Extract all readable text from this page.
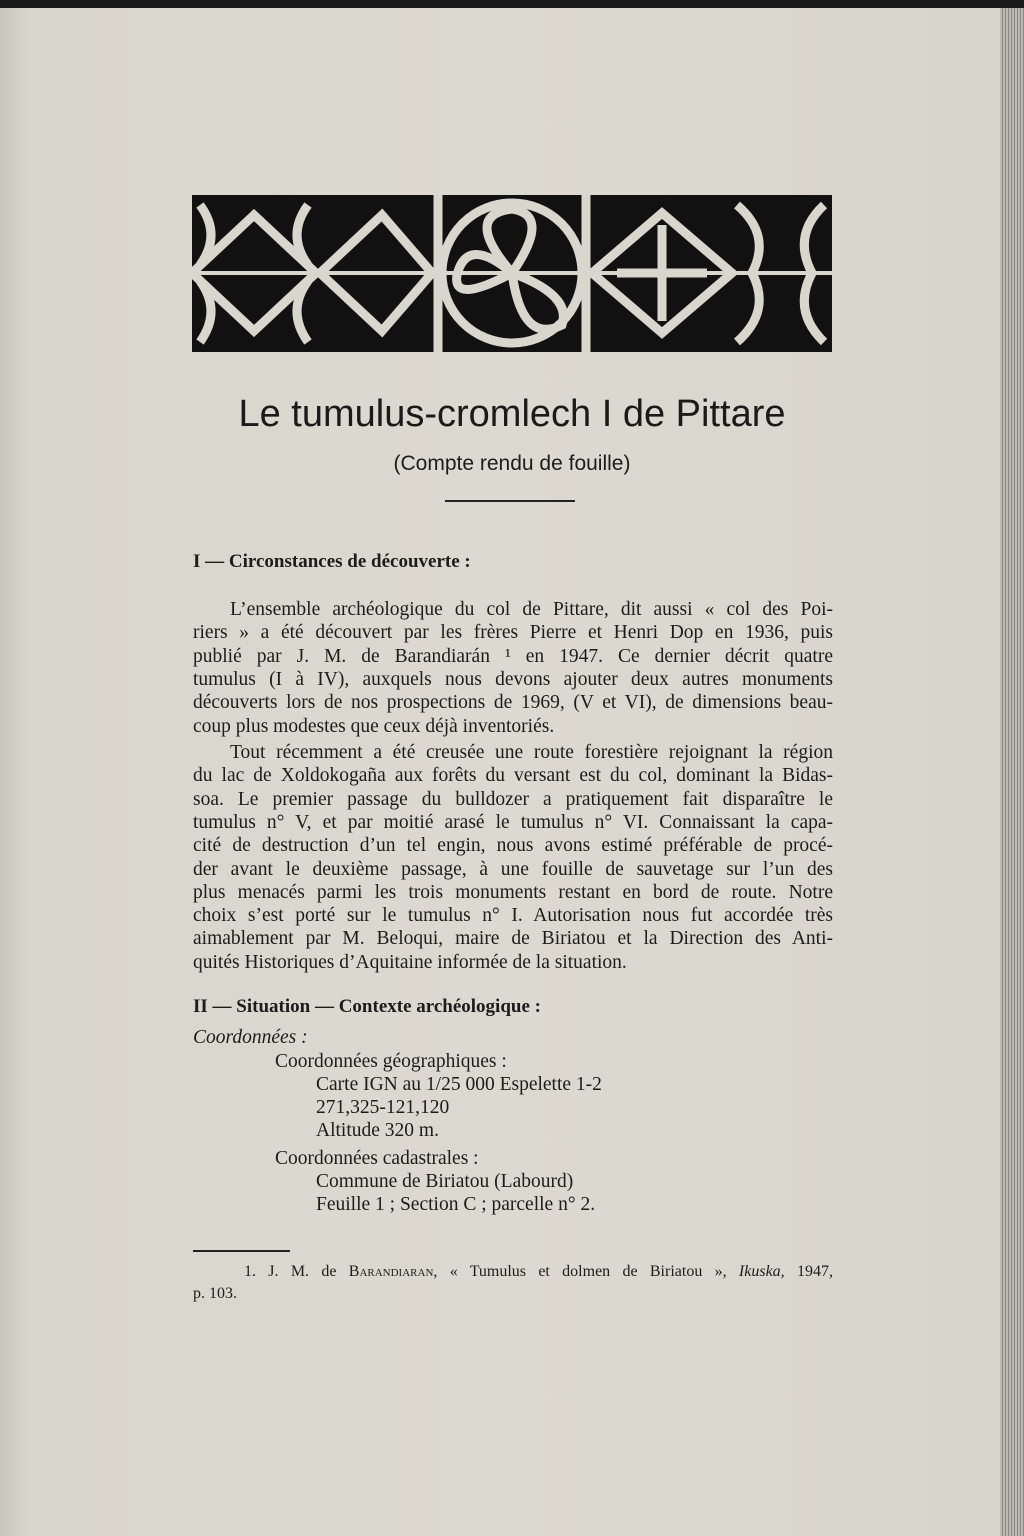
Le tumulus-cromlech I de Pittare
(Compte rendu de fouille)
I — Circonstances de découverte :
L’ensemble archéologique du col de Pittare, dit aussi « col des Poi-
riers » a été découvert par les frères Pierre et Henri Dop en 1936, puis
publié par J. M. de Barandiarán ¹ en 1947. Ce dernier décrit quatre
tumulus (I à IV), auxquels nous devons ajouter deux autres monuments
découverts lors de nos prospections de 1969, (V et VI), de dimensions beau-
coup plus modestes que ceux déjà inventoriés.
Tout récemment a été creusée une route forestière rejoignant la région
du lac de Xoldokogaña aux forêts du versant est du col, dominant la Bidas-
soa. Le premier passage du bulldozer a pratiquement fait disparaître le
tumulus n° V, et par moitié arasé le tumulus n° VI. Connaissant la capa-
cité de destruction d’un tel engin, nous avons estimé préférable de procé-
der avant le deuxième passage, à une fouille de sauvetage sur l’un des
plus menacés parmi les trois monuments restant en bord de route. Notre
choix s’est porté sur le tumulus n° I. Autorisation nous fut accordée très
aimablement par M. Beloqui, maire de Biriatou et la Direction des Anti-
quités Historiques d’Aquitaine informée de la situation.
II — Situation — Contexte archéologique :
Coordonnées :
Coordonnées géographiques :
Carte IGN au 1/25 000 Espelette 1-2
271,325-121,120
Altitude 320 m.
Coordonnées cadastrales :
Commune de Biriatou (Labourd)
Feuille 1 ; Section C ; parcelle n° 2.
1. J. M. de Barandiaran, « Tumulus et dolmen de Biriatou », Ikuska, 1947,
p. 103.
